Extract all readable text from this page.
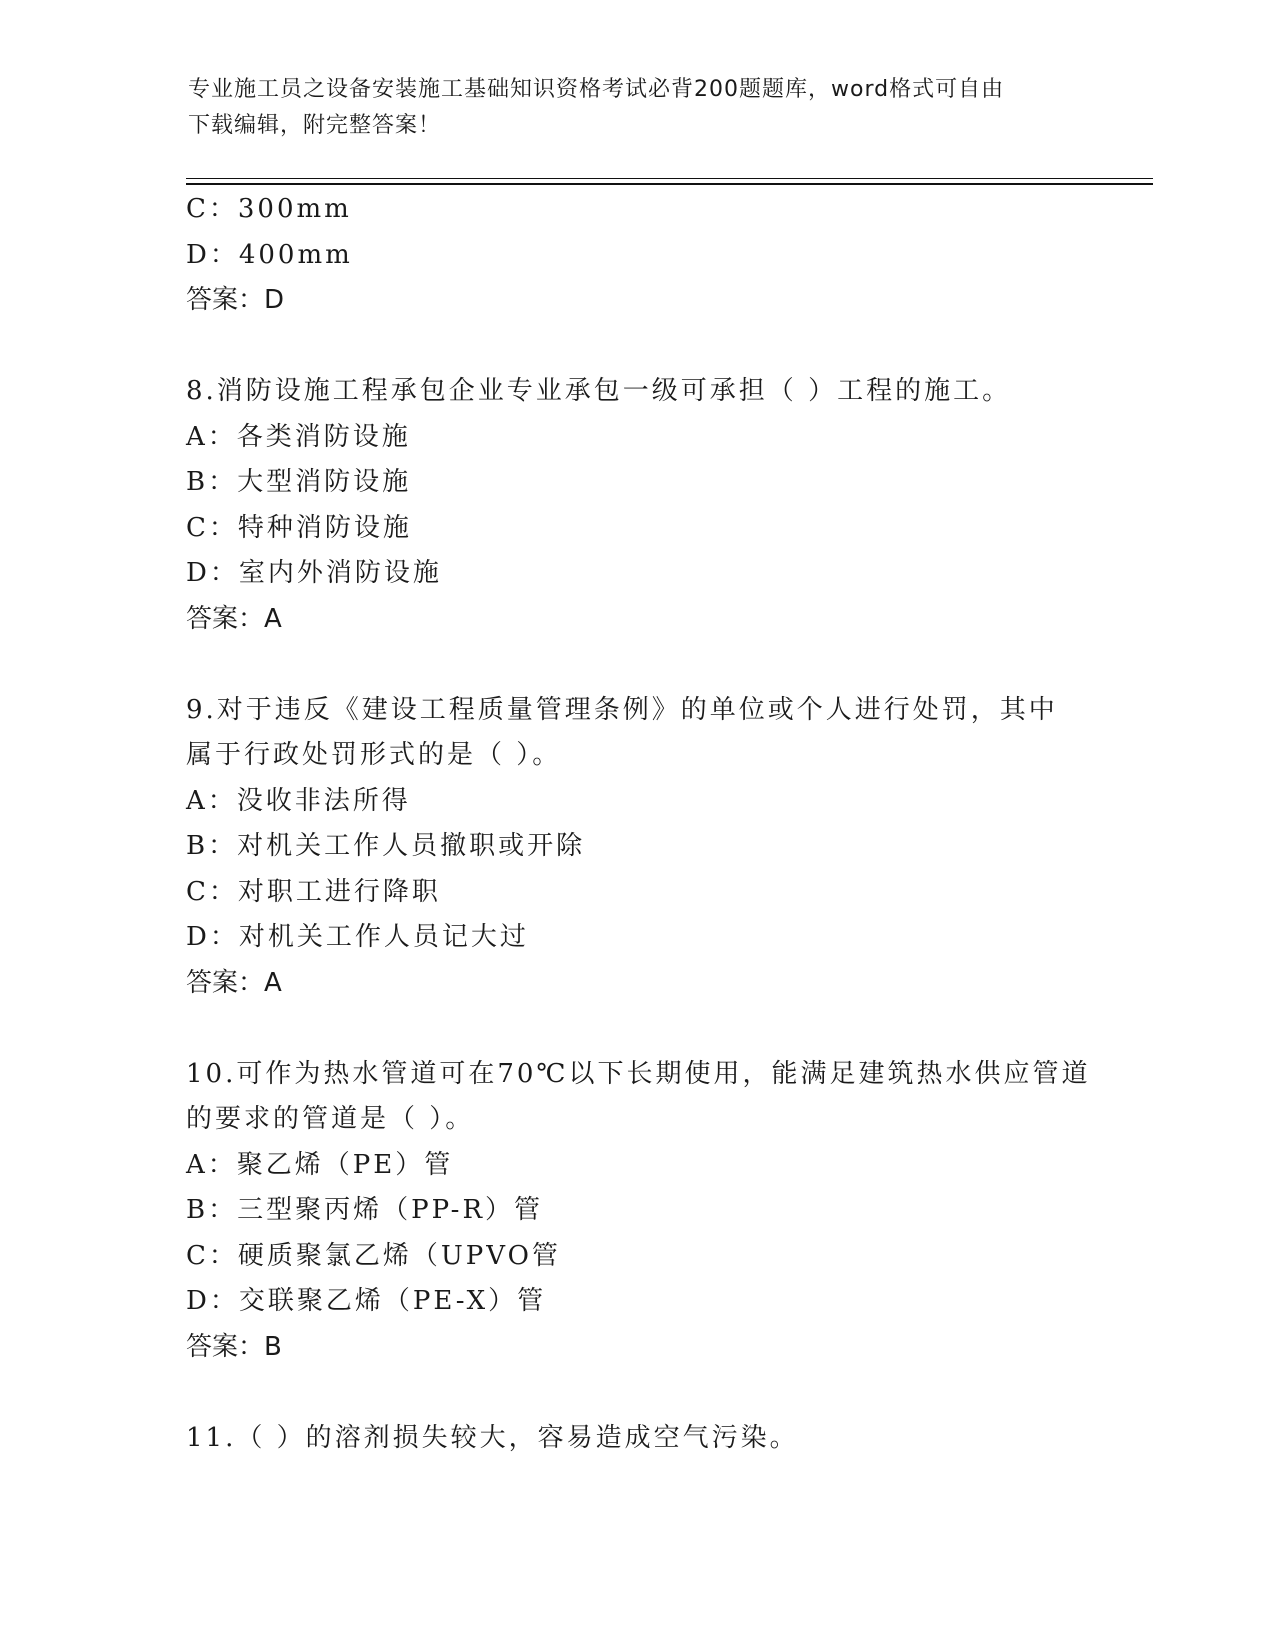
专业施工员之设备安装施工基础知识资格考试必背200题题库，word格式可自由
下载编辑，附完整答案！
C：300mm
D：400mm
答案：D
8.消防设施工程承包企业专业承包一级可承担（ ）工程的施工。
A：各类消防设施
B：大型消防设施
C：特种消防设施
D：室内外消防设施
答案：A
9.对于违反《建设工程质量管理条例》的单位或个人进行处罚，其中
属于行政处罚形式的是（ ）。
A：没收非法所得
B：对机关工作人员撤职或开除
C：对职工进行降职
D：对机关工作人员记大过
答案：A
10.可作为热水管道可在70℃以下长期使用，能满足建筑热水供应管道
的要求的管道是（ ）。
A：聚乙烯（PE）管
B：三型聚丙烯（PP-R）管
C：硬质聚氯乙烯（UPVO管
D：交联聚乙烯（PE-X）管
答案：B
11.（ ）的溶剂损失较大，容易造成空气污染。
